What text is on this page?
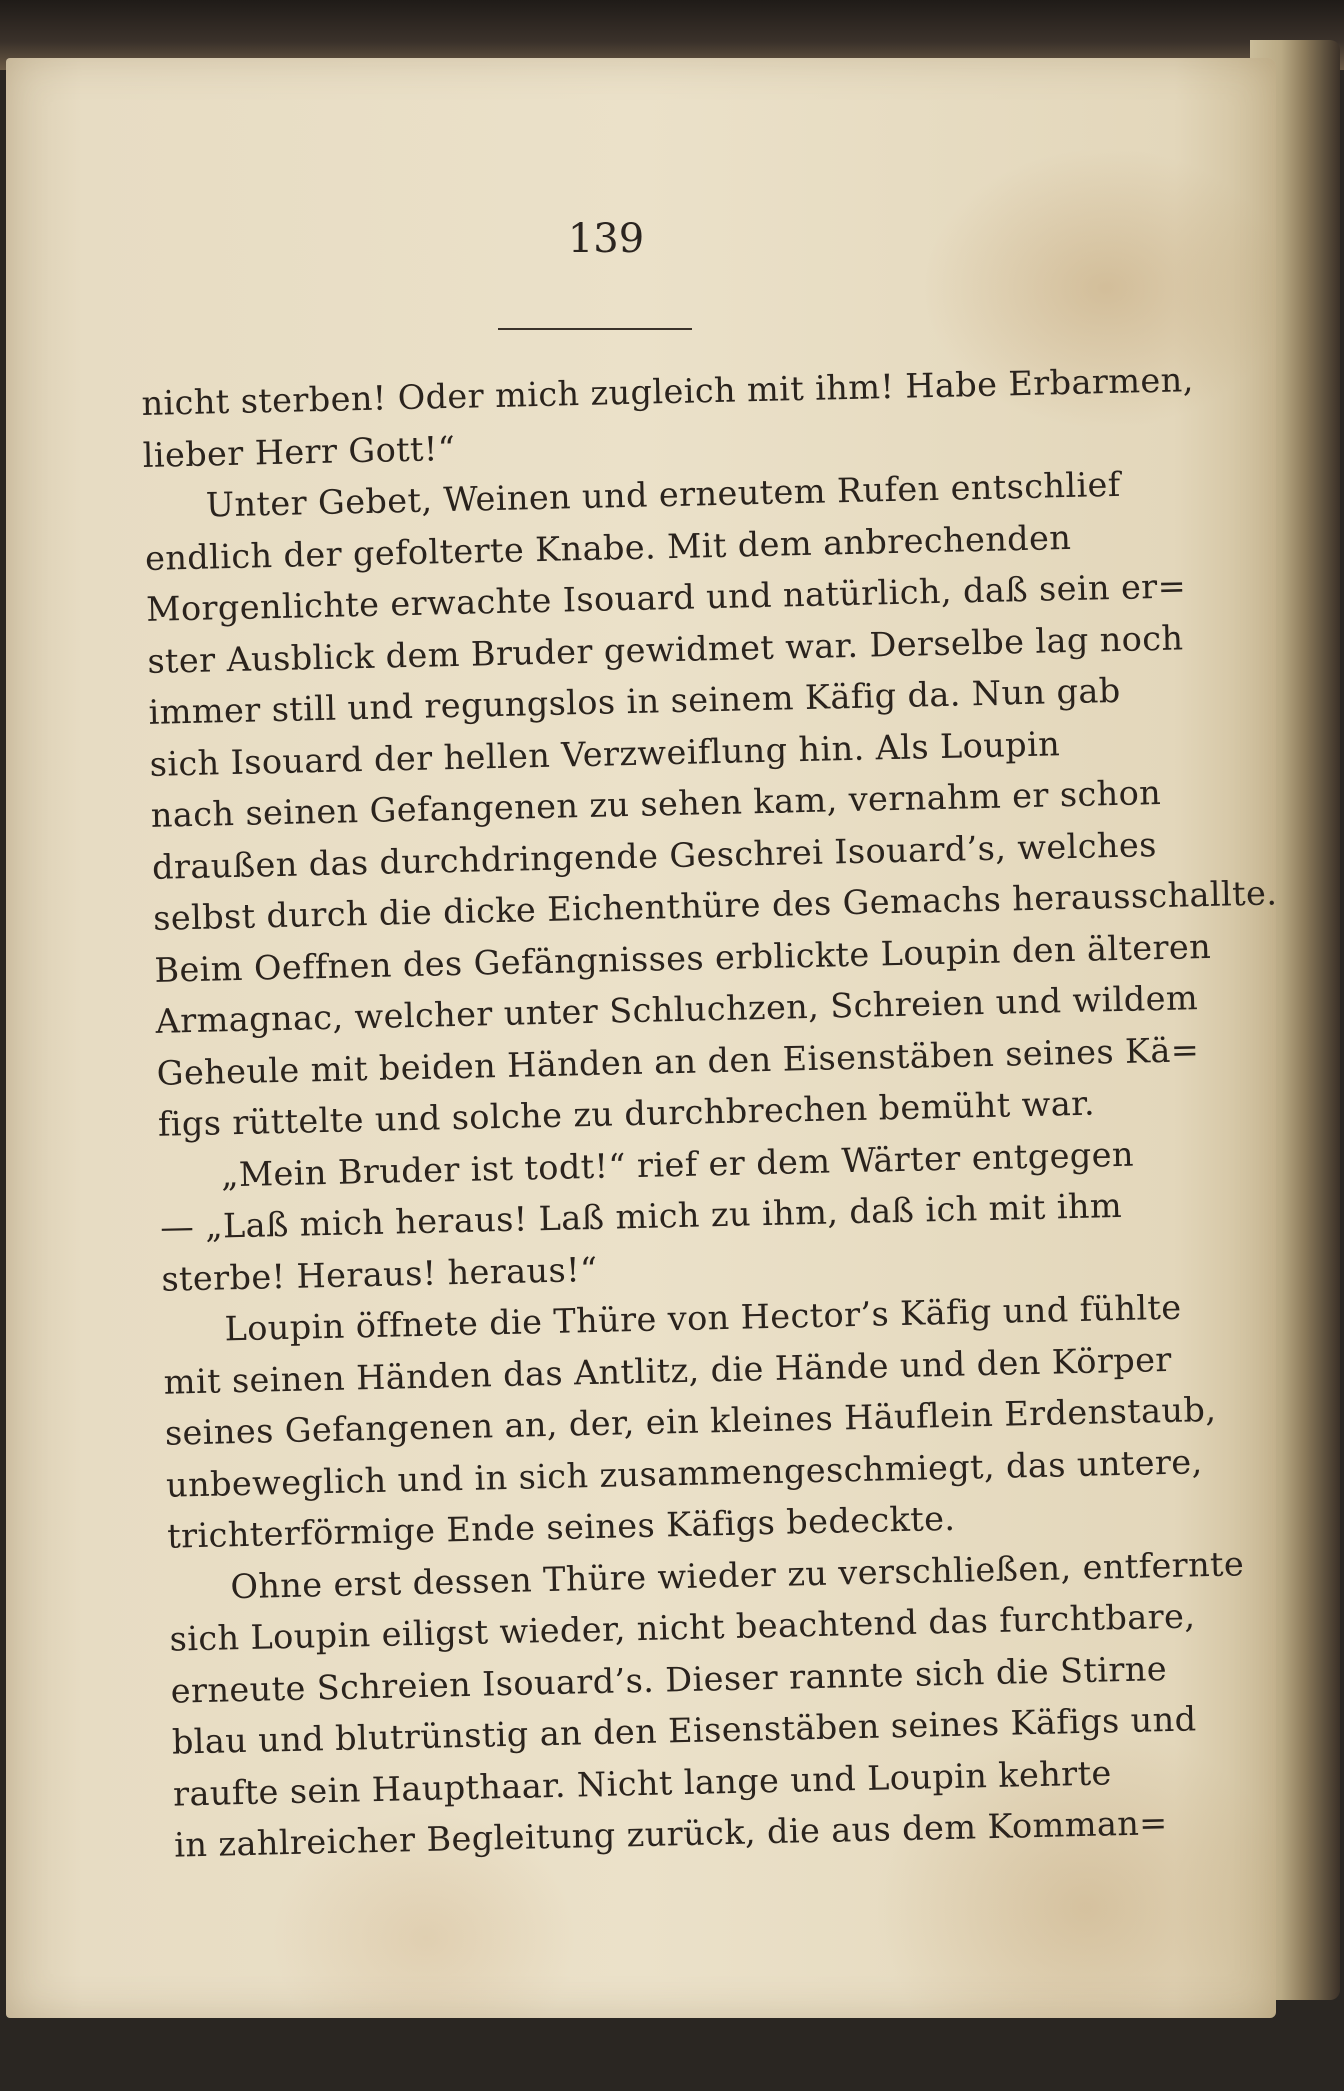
139
nicht sterben! Oder mich zugleich mit ihm! Habe Erbarmen,
lieber Herr Gott!“
Unter Gebet, Weinen und erneutem Rufen entschlief
endlich der gefolterte Knabe. Mit dem anbrechenden
Morgenlichte erwachte Isouard und natürlich, daß sein er=
ster Ausblick dem Bruder gewidmet war. Derselbe lag noch
immer still und regungslos in seinem Käfig da. Nun gab
sich Isouard der hellen Verzweiflung hin. Als Loupin
nach seinen Gefangenen zu sehen kam, vernahm er schon
draußen das durchdringende Geschrei Isouard’s, welches
selbst durch die dicke Eichenthüre des Gemachs herausschallte.
Beim Oeffnen des Gefängnisses erblickte Loupin den älteren
Armagnac, welcher unter Schluchzen, Schreien und wildem
Geheule mit beiden Händen an den Eisenstäben seines Kä=
figs rüttelte und solche zu durchbrechen bemüht war.
„Mein Bruder ist todt!“ rief er dem Wärter entgegen
— „Laß mich heraus! Laß mich zu ihm, daß ich mit ihm
sterbe! Heraus! heraus!“
Loupin öffnete die Thüre von Hector’s Käfig und fühlte
mit seinen Händen das Antlitz, die Hände und den Körper
seines Gefangenen an, der, ein kleines Häuflein Erdenstaub,
unbeweglich und in sich zusammengeschmiegt, das untere,
trichterförmige Ende seines Käfigs bedeckte.
Ohne erst dessen Thüre wieder zu verschließen, entfernte
sich Loupin eiligst wieder, nicht beachtend das furchtbare,
erneute Schreien Isouard’s. Dieser rannte sich die Stirne
blau und blutrünstig an den Eisenstäben seines Käfigs und
raufte sein Haupthaar. Nicht lange und Loupin kehrte
in zahlreicher Begleitung zurück, die aus dem Komman=
